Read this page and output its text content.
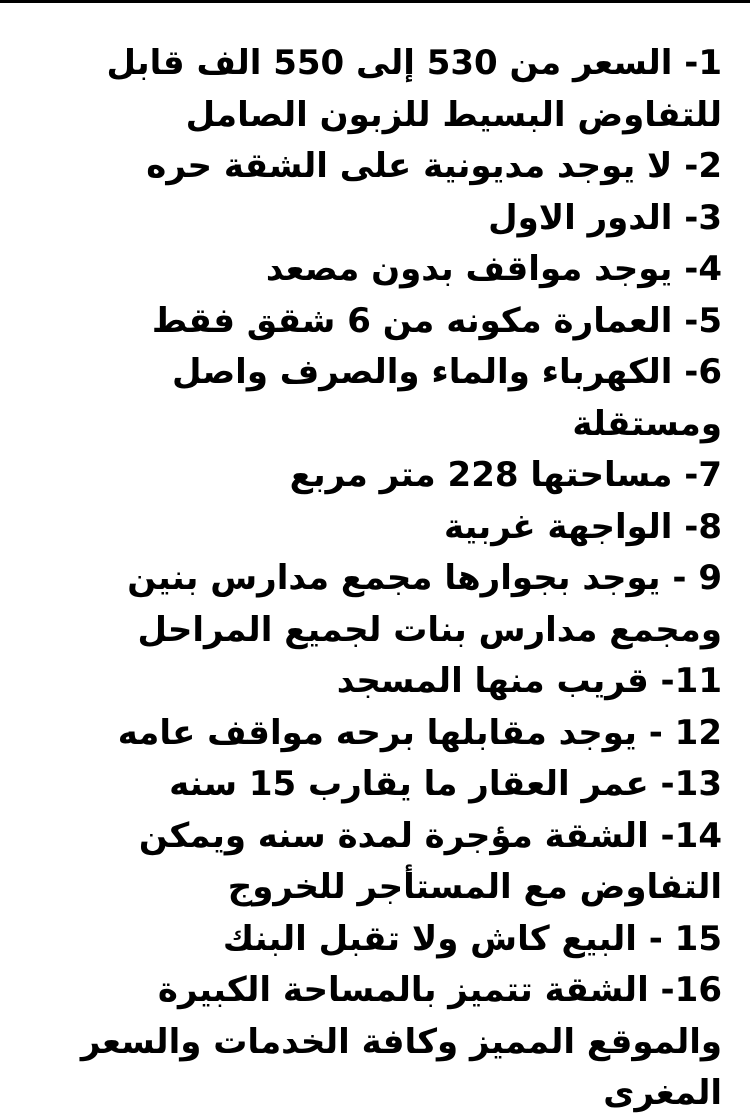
1- السعر من 530 إلى 550 الف قابل
للتفاوض البسيط للزبون الصامل
2- لا يوجد مديونية على الشقة حره
3- الدور الاول
4- يوجد مواقف بدون مصعد
5- العمارة مكونه من 6 شقق فقط
6- الكهرباء والماء والصرف واصل
ومستقلة
7- مساحتها 228 متر مربع
8- الواجهة غربية
9 - يوجد بجوارها مجمع مدارس بنين
ومجمع مدارس بنات لجميع المراحل
11- قريب منها المسجد
12 - يوجد مقابلها برحه مواقف عامه
13- عمر العقار ما يقارب 15 سنه
14- الشقة مؤجرة لمدة سنه ويمكن
التفاوض مع المستأجر للخروج
15 - البيع كاش ولا تقبل البنك
16- الشقة تتميز بالمساحة الكبيرة
والموقع المميز وكافة الخدمات والسعر
المغرى
